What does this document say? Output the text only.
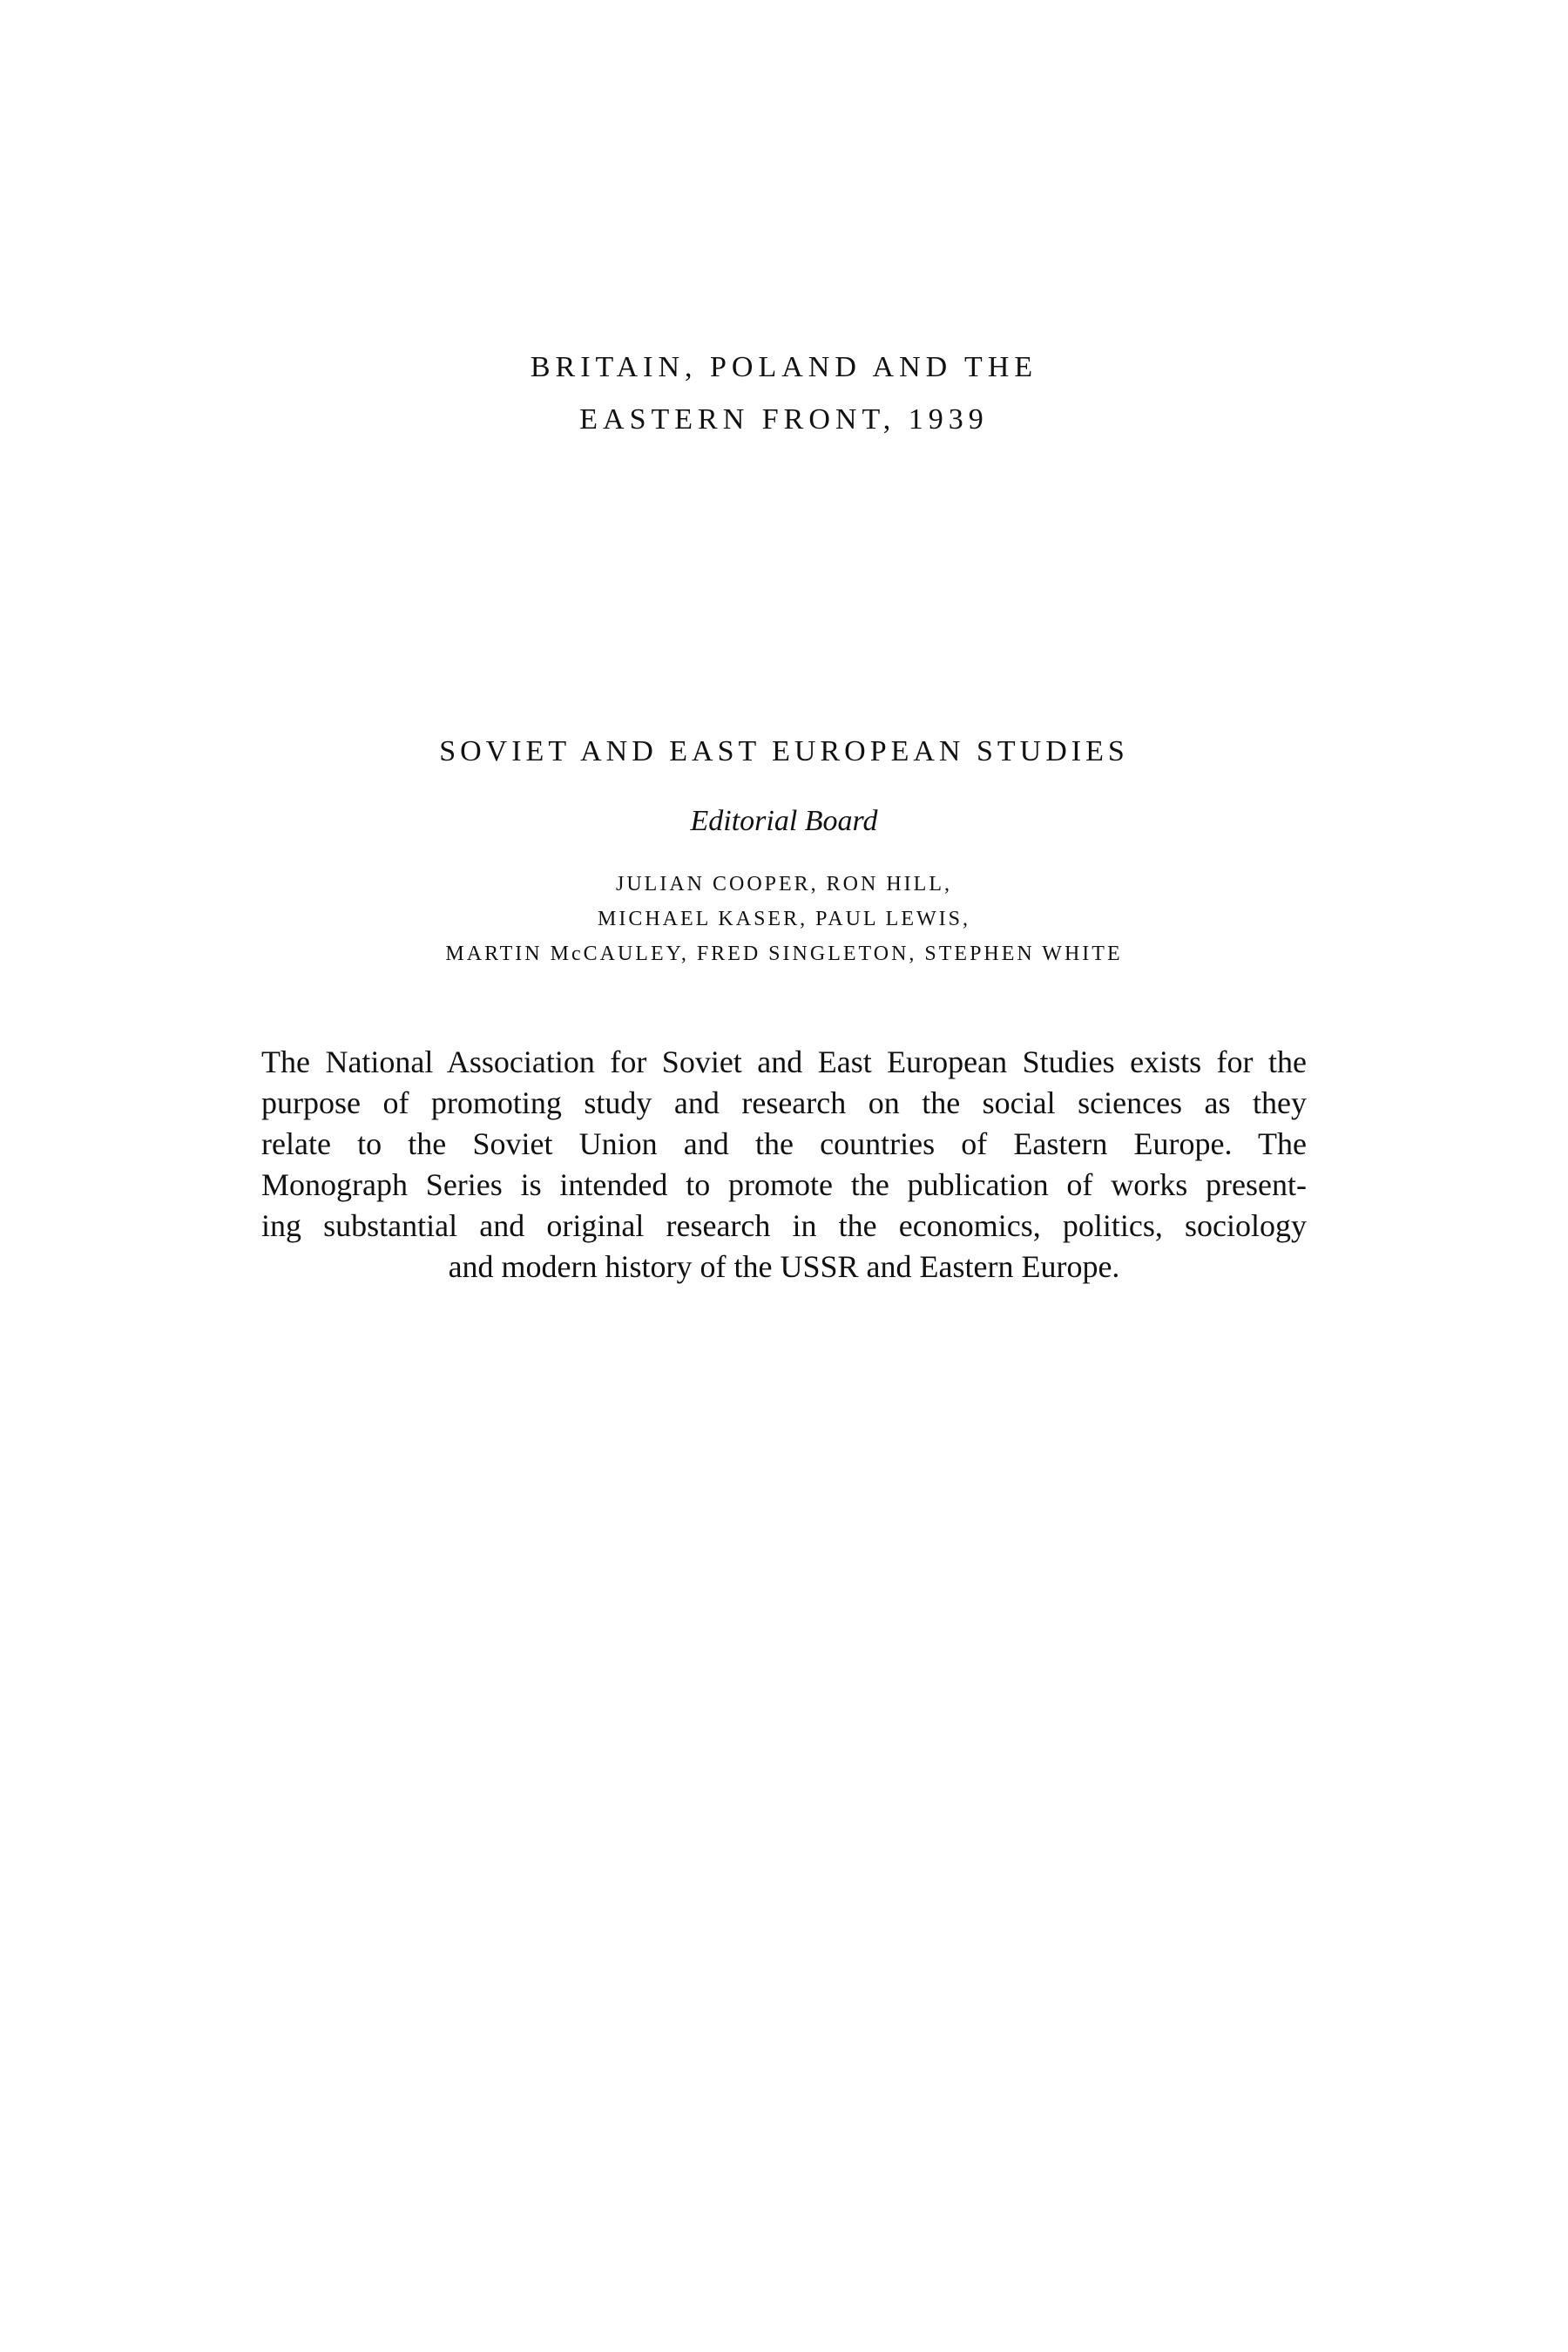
BRITAIN, POLAND AND THE
EASTERN FRONT, 1939
SOVIET AND EAST EUROPEAN STUDIES

Editorial Board

JULIAN COOPER, RON HILL,
MICHAEL KASER, PAUL LEWIS,
MARTIN McCAULEY, FRED SINGLETON, STEPHEN WHITE

The National Association for Soviet and East European Studies exists for the
purpose of promoting study and research on the social sciences as they
relate to the Soviet Union and the countries of Eastern Europe. The
Monograph Series is intended to promote the publication of works present-
ing substantial and original research in the economics, politics, sociology
and modern history of the USSR and Eastern Europe.
